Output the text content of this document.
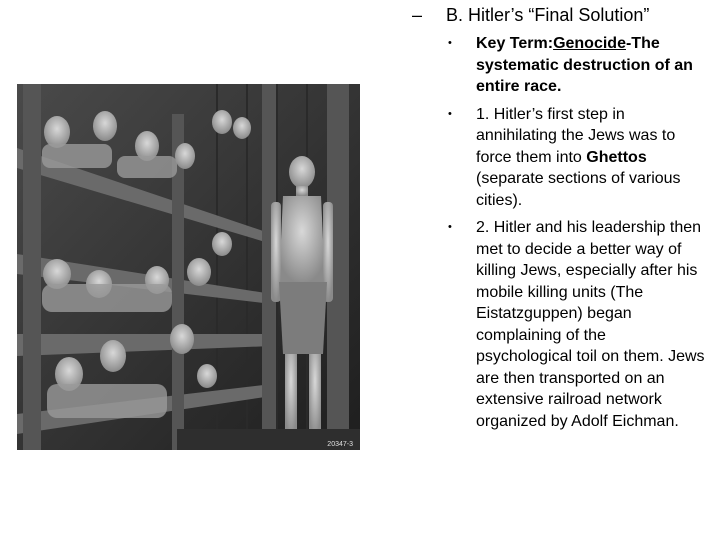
– B. Hitler’s “Final Solution”
• Key Term:Genocide-The systematic destruction of an entire race.
• 1. Hitler’s first step in annihilating the Jews was to force them into Ghettos (separate sections of various cities).
• 2. Hitler and his leadership then met to decide a better way of killing Jews, especially after his mobile killing units (The Eistatzguppen) began complaining of the psychological toil on them. Jews are then transported on an extensive railroad network organized by Adolf Eichman.
20347-3
